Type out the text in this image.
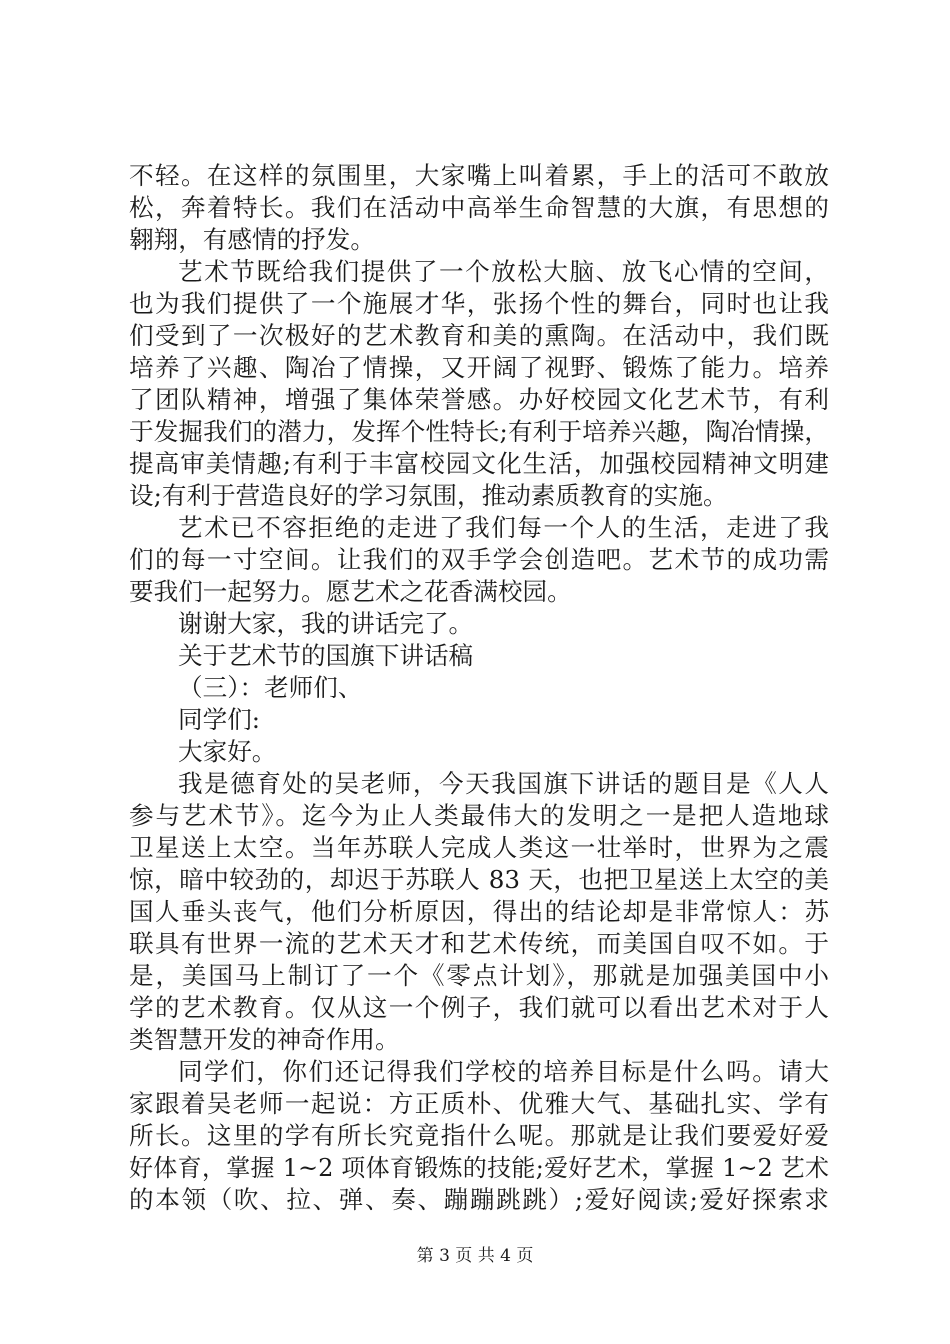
不轻。在这样的氛围里，大家嘴上叫着累，手上的活可不敢放
松，奔着特长。我们在活动中高举生命智慧的大旗，有思想的
翱翔，有感情的抒发。
艺术节既给我们提供了一个放松大脑、放飞心情的空间，
也为我们提供了一个施展才华，张扬个性的舞台，同时也让我
们受到了一次极好的艺术教育和美的熏陶。在活动中，我们既
培养了兴趣、陶冶了情操，又开阔了视野、锻炼了能力。培养
了团队精神，增强了集体荣誉感。办好校园文化艺术节，有利
于发掘我们的潜力，发挥个性特长;有利于培养兴趣，陶冶情操，
提高审美情趣;有利于丰富校园文化生活，加强校园精神文明建
设;有利于营造良好的学习氛围，推动素质教育的实施。
艺术已不容拒绝的走进了我们每一个人的生活，走进了我
们的每一寸空间。让我们的双手学会创造吧。艺术节的成功需
要我们一起努力。愿艺术之花香满校园。
谢谢大家，我的讲话完了。
关于艺术节的国旗下讲话稿
（三）：老师们、
同学们:
大家好。
我是德育处的吴老师，今天我国旗下讲话的题目是《人人
参与艺术节》。迄今为止人类最伟大的发明之一是把人造地球
卫星送上太空。当年苏联人完成人类这一壮举时，世界为之震
惊，暗中较劲的，却迟于苏联人 83 天，也把卫星送上太空的美
国人垂头丧气，他们分析原因，得出的结论却是非常惊人：苏
联具有世界一流的艺术天才和艺术传统，而美国自叹不如。于
是，美国马上制订了一个《零点计划》，那就是加强美国中小
学的艺术教育。仅从这一个例子，我们就可以看出艺术对于人
类智慧开发的神奇作用。
同学们，你们还记得我们学校的培养目标是什么吗。请大
家跟着吴老师一起说：方正质朴、优雅大气、基础扎实、学有
所长。这里的学有所长究竟指什么呢。那就是让我们要爱好爱
好体育，掌握 1~2 项体育锻炼的技能;爱好艺术，掌握 1~2 艺术
的本领（吹、拉、弹、奏、蹦蹦跳跳）;爱好阅读;爱好探索求
第 3 页 共 4 页
